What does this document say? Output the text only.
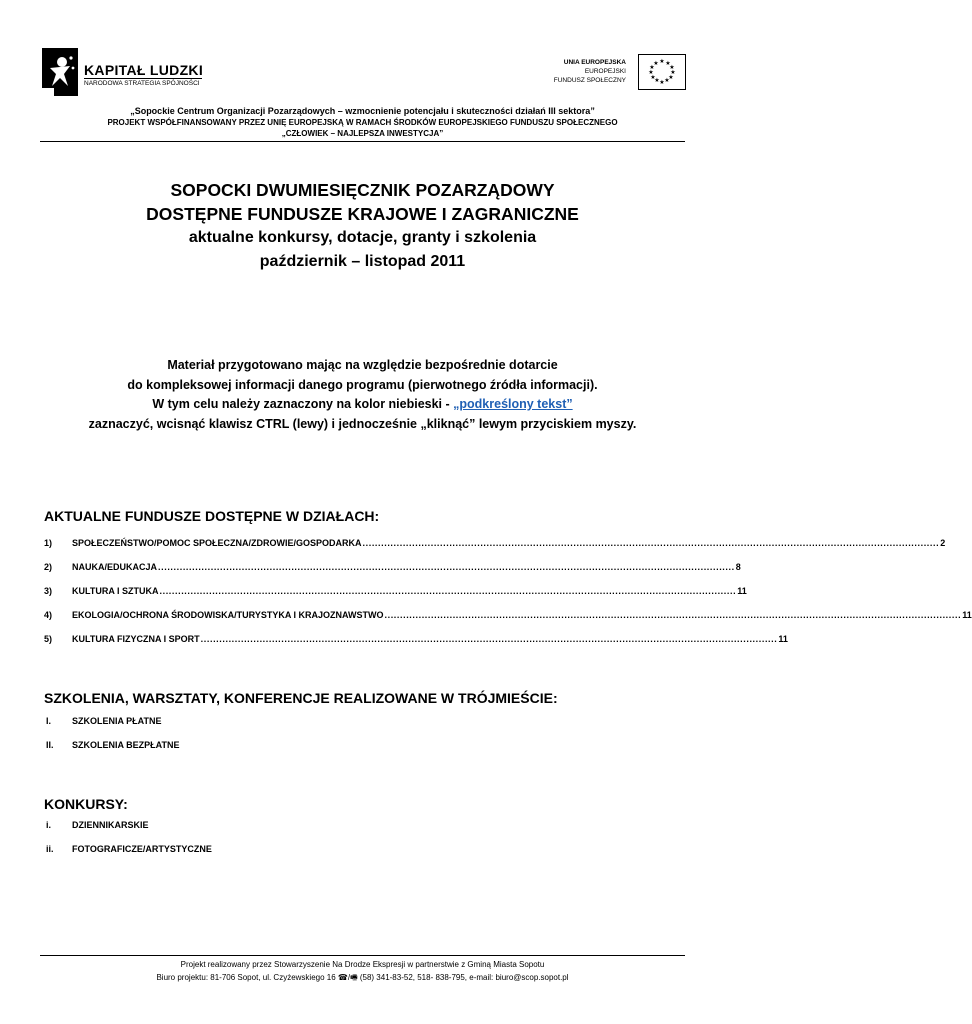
KAPITAŁ LUDZKI
NARODOWA STRATEGIA SPÓJNOŚCI
UNIA EUROPEJSKA
EUROPEJSKI
FUNDUSZ SPOŁECZNY
★ ★
★
★
★
★
★
★
★
★
★
★
„Sopockie Centrum Organizacji Pozarządowych – wzmocnienie potencjału i skuteczności działań III sektora”
PROJEKT WSPÓŁFINANSOWANY PRZEZ UNIĘ EUROPEJSKĄ W RAMACH ŚRODKÓW EUROPEJSKIEGO FUNDUSZU SPOŁECZNEGO
„CZŁOWIEK – NAJLEPSZA INWESTYCJA”
SOPOCKI DWUMIESIĘCZNIK POZARZĄDOWY
DOSTĘPNE FUNDUSZE KRAJOWE I ZAGRANICZNE
aktualne konkursy, dotacje, granty i szkolenia
październik – listopad 2011
Materiał przygotowano mając na względzie bezpośrednie dotarcie
do kompleksowej informacji danego programu (pierwotnego źródła informacji).
W tym celu należy zaznaczony na kolor niebieski - „podkreślony tekst”
zaznaczyć, wcisnąć klawisz CTRL (lewy) i jednocześnie „kliknąć” lewym przyciskiem myszy.
AKTUALNE FUNDUSZE DOSTĘPNE W DZIAŁACH:
1)	SPOŁECZEŃSTWO/POMOC SPOŁECZNA/ZDROWIE/GOSPODARKA .......................................................................................................................................................................................... 2
2)	NAUKA/EDUKACJA .......................................................................................................................................................................................... 8
3)	KULTURA I SZTUKA .......................................................................................................................................................................................... 11
4)	EKOLOGIA/OCHRONA ŚRODOWISKA/TURYSTYKA I KRAJOZNAWSTWO .......................................................................................................................................................................................... 11
5)	KULTURA FIZYCZNA I SPORT .......................................................................................................................................................................................... 11
SZKOLENIA, WARSZTATY, KONFERENCJE REALIZOWANE W TRÓJMIEŚCIE:
I.	SZKOLENIA PŁATNE
II.	SZKOLENIA BEZPŁATNE
KONKURSY:
i.	DZIENNIKARSKIE
ii.	FOTOGRAFICZE/ARTYSTYCZNE
Projekt realizowany przez Stowarzyszenie Na Drodze Ekspresji w partnerstwie z Gminą Miasta Sopotu
Biuro projektu: 81-706 Sopot, ul. Czyżewskiego 16 ☎/🖷 (58) 341-83-52, 518- 838-795, e-mail: biuro@scop.sopot.pl
